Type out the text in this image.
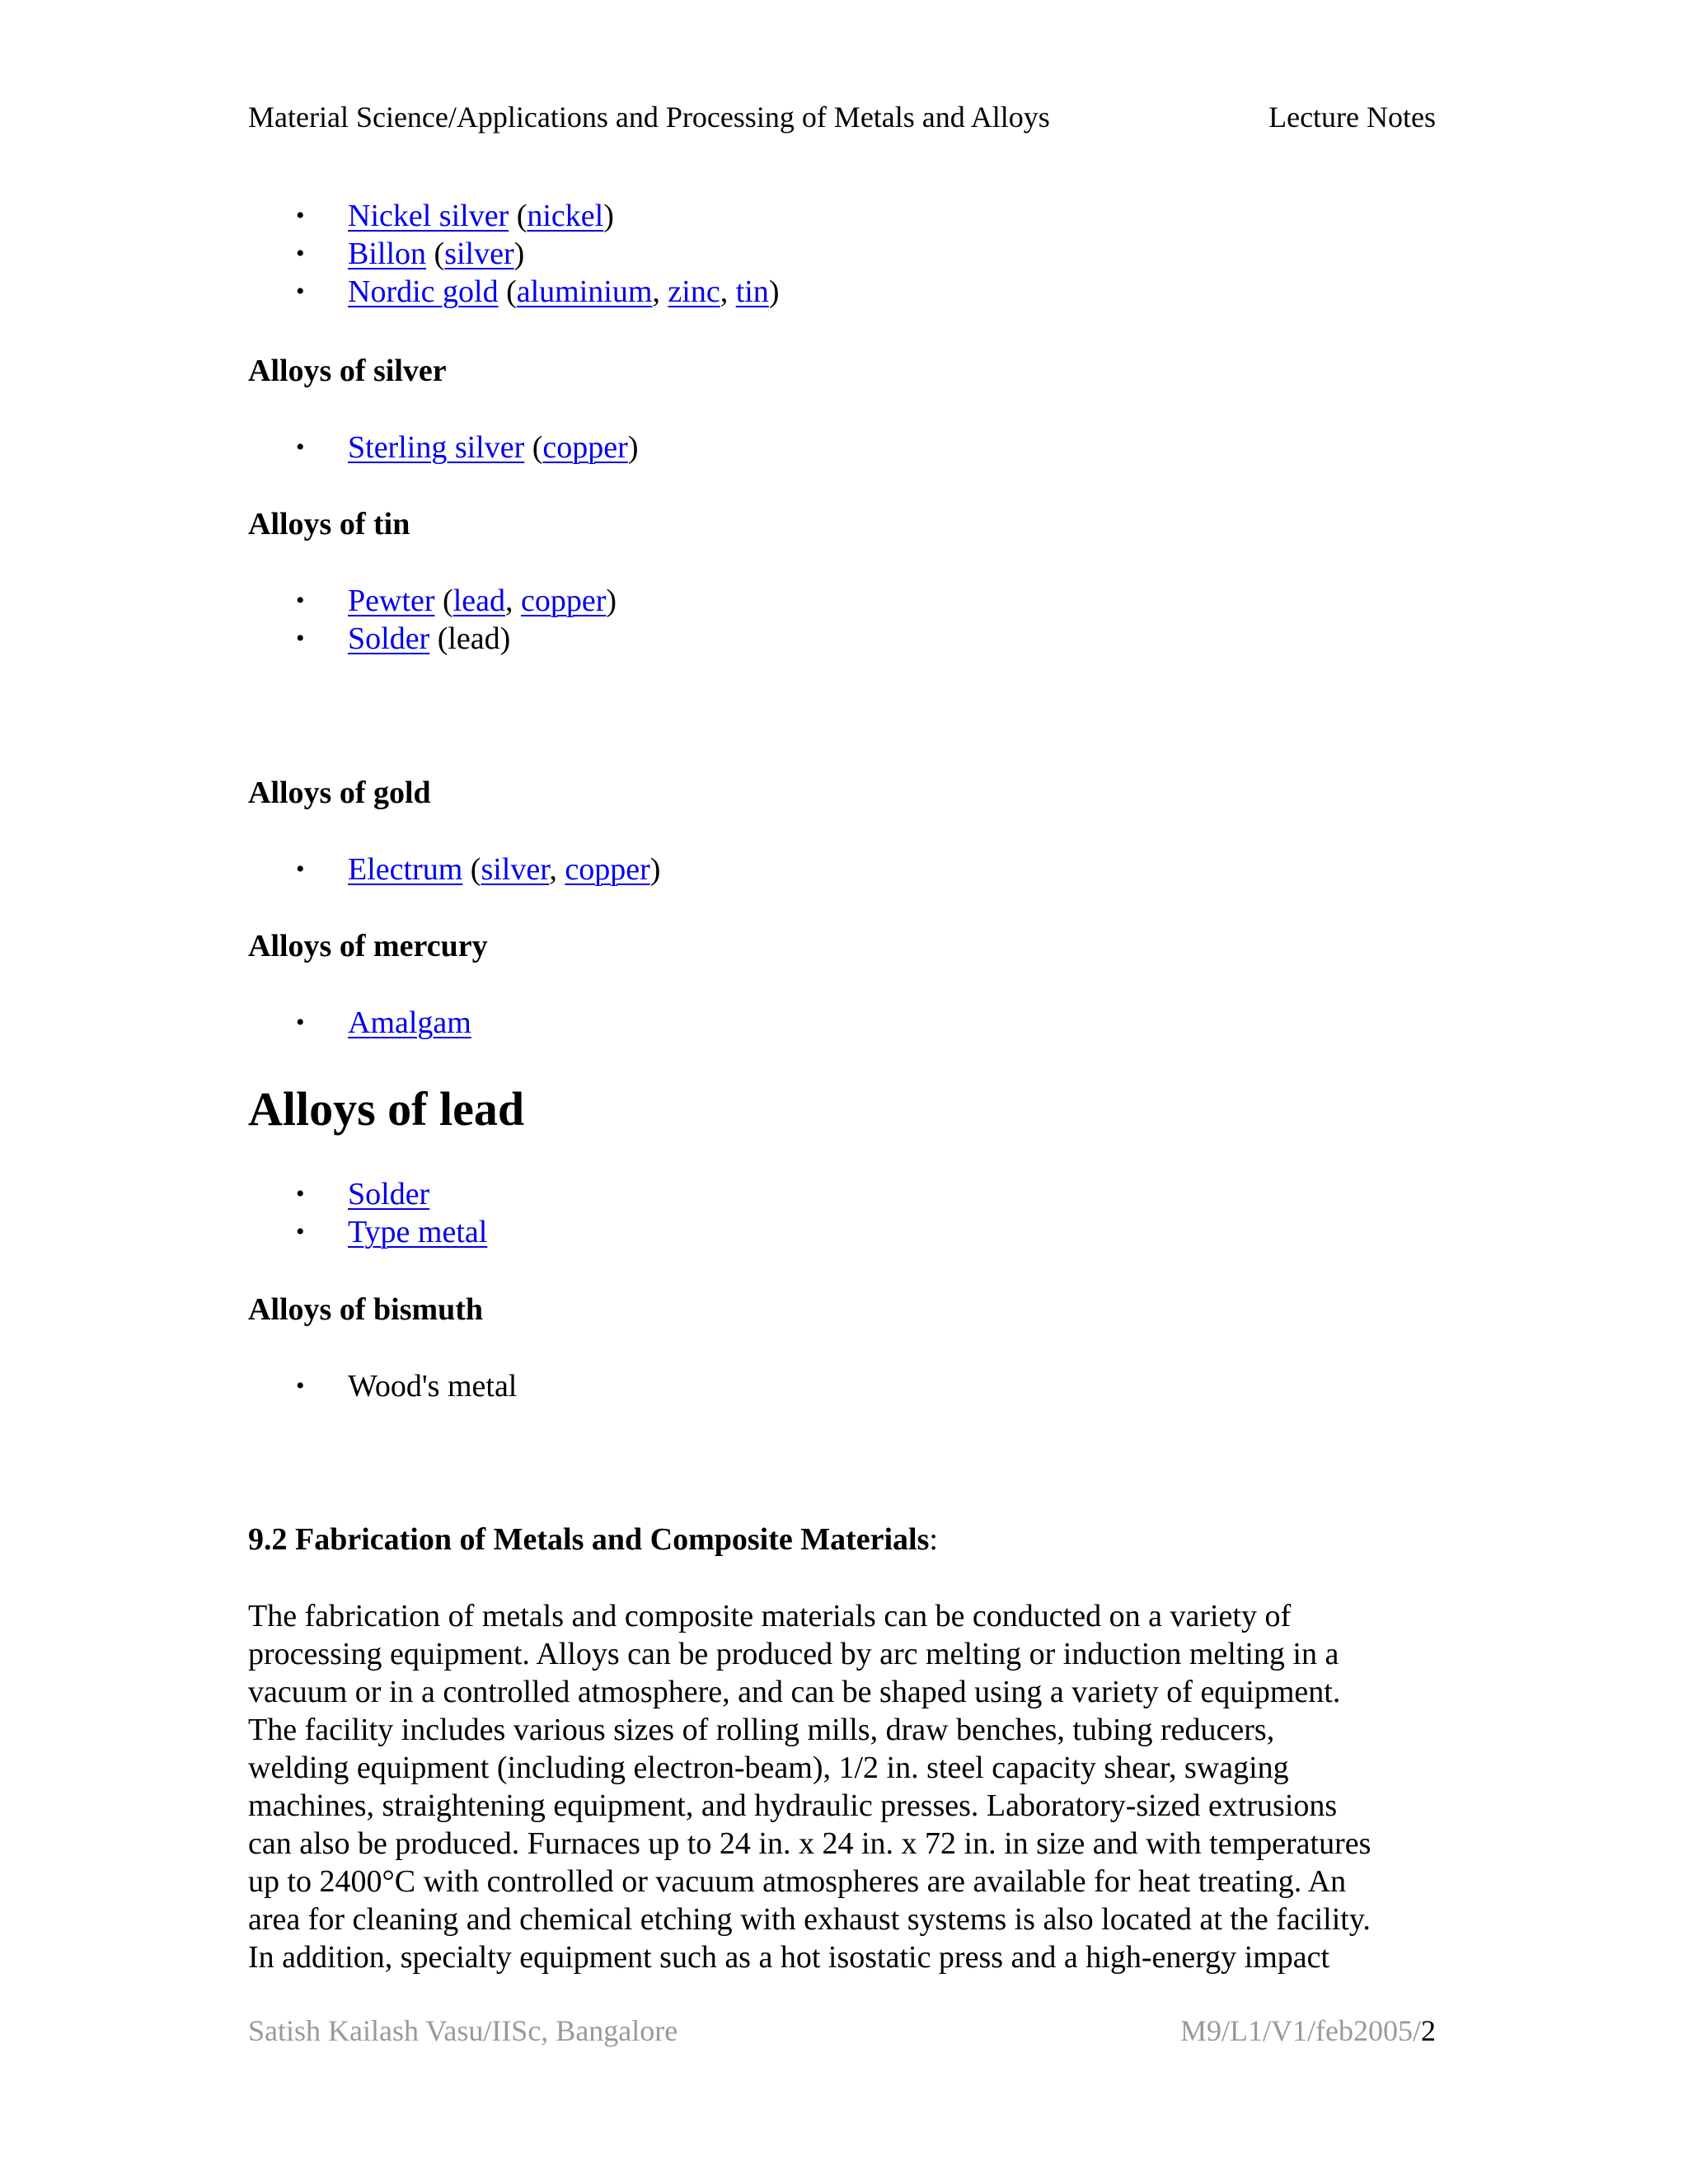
Material Science/Applications and Processing of Metals and Alloys	Lecture Notes
• Nickel silver (nickel)
• Billon (silver)
• Nordic gold (aluminium, zinc, tin)

Alloys of silver

• Sterling silver (copper)

Alloys of tin

• Pewter (lead, copper)
• Solder (lead)

Alloys of gold

• Electrum (silver, copper)

Alloys of mercury

• Amalgam

Alloys of lead

• Solder
• Type metal

Alloys of bismuth

• Wood's metal

9.2 Fabrication of Metals and Composite Materials:

The fabrication of metals and composite materials can be conducted on a variety of
processing equipment. Alloys can be produced by arc melting or induction melting in a
vacuum or in a controlled atmosphere, and can be shaped using a variety of equipment.
The facility includes various sizes of rolling mills, draw benches, tubing reducers,
welding equipment (including electron-beam), 1/2 in. steel capacity shear, swaging
machines, straightening equipment, and hydraulic presses. Laboratory-sized extrusions
can also be produced. Furnaces up to 24 in. x 24 in. x 72 in. in size and with temperatures
up to 2400°C with controlled or vacuum atmospheres are available for heat treating. An
area for cleaning and chemical etching with exhaust systems is also located at the facility.
In addition, specialty equipment such as a hot isostatic press and a high-energy impact

Satish Kailash Vasu/IISc, Bangalore	M9/L1/V1/feb2005/2
